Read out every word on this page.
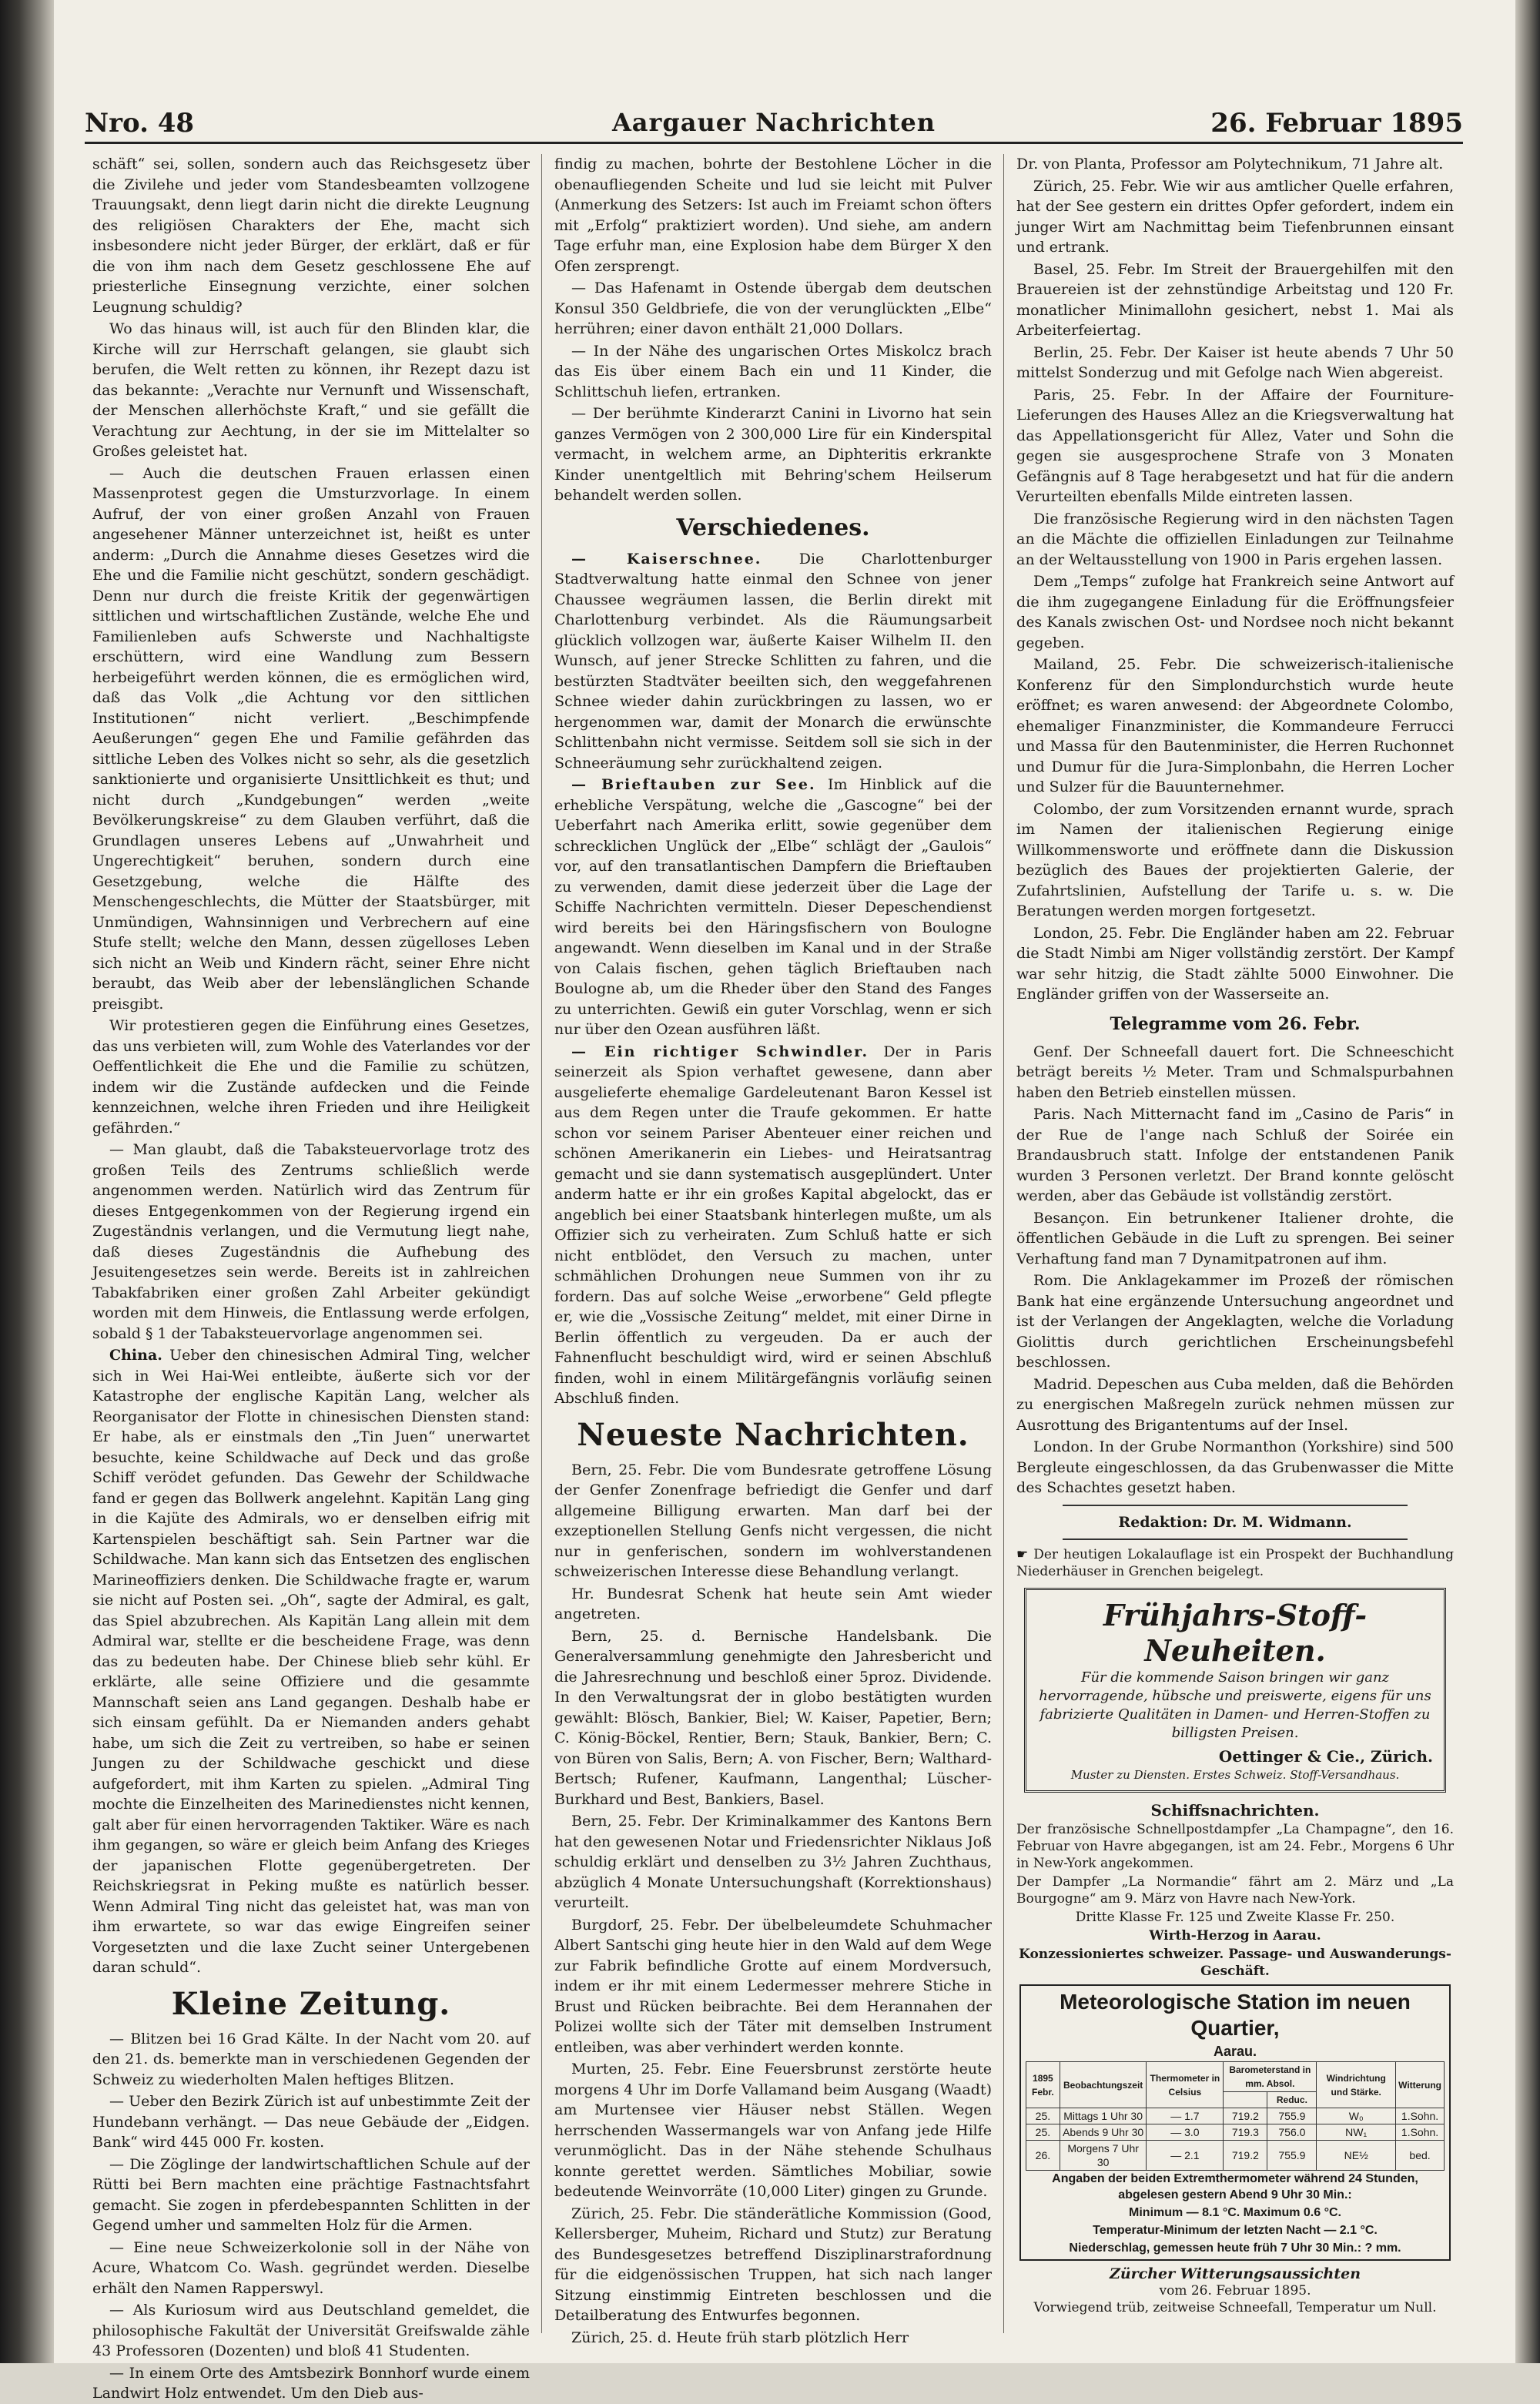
Aargauer Nachrichten
Nro. 48	26. Februar 1895

schäft“ sei, sollen, sondern auch das Reichsgesetz über die Zivilehe und jeder vom Standesbeamten vollzogene Trauungsakt, denn liegt darin nicht die direkte Leugnung des religiösen Charakters der Ehe, macht sich insbesondere nicht jeder Bürger, der erklärt, daß er für die von ihm nach dem Gesetz geschlossene Ehe auf priesterliche Einsegnung verzichte, einer solchen Leugnung schuldig?

Wo das hinaus will, ist auch für den Blinden klar, die Kirche will zur Herrschaft gelangen, sie glaubt sich berufen, die Welt retten zu können, ihr Rezept dazu ist das bekannte: „Verachte nur Vernunft und Wissenschaft, der Menschen allerhöchste Kraft,“ und sie gefällt die Verachtung zur Aechtung, in der sie im Mittelalter so Großes geleistet hat.

— Auch die deutschen Frauen erlassen einen Massenprotest gegen die Umsturzvorlage. In einem Aufruf, der von einer großen Anzahl von Frauen angesehener Männer unterzeichnet ist, heißt es unter anderm: „Durch die Annahme dieses Gesetzes wird die Ehe und die Familie nicht geschützt, sondern geschädigt. Denn nur durch die freiste Kritik der gegenwärtigen sittlichen und wirtschaftlichen Zustände, welche Ehe und Familienleben aufs Schwerste und Nachhaltigste erschüttern, wird eine Wandlung zum Bessern herbeigeführt werden können, die es ermöglichen wird, daß das Volk „die Achtung vor den sittlichen Institutionen“ nicht verliert. „Beschimpfende Aeußerungen“ gegen Ehe und Familie gefährden das sittliche Leben des Volkes nicht so sehr, als die gesetzlich sanktionierte und organisierte Unsittlichkeit es thut; und nicht durch „Kundgebungen“ werden „weite Bevölkerungskreise“ zu dem Glauben verführt, daß die Grundlagen unseres Lebens auf „Unwahrheit und Ungerechtigkeit“ beruhen, sondern durch eine Gesetzgebung, welche die Hälfte des Menschengeschlechts, die Mütter der Staatsbürger, mit Unmündigen, Wahnsinnigen und Verbrechern auf eine Stufe stellt; welche den Mann, dessen zügelloses Leben sich nicht an Weib und Kindern rächt, seiner Ehre nicht beraubt, das Weib aber der lebenslänglichen Schande preisgibt.

Wir protestieren gegen die Einführung eines Gesetzes, das uns verbieten will, zum Wohle des Vaterlandes vor der Oeffentlichkeit die Ehe und die Familie zu schützen, indem wir die Zustände aufdecken und die Feinde kennzeichnen, welche ihren Frieden und ihre Heiligkeit gefährden.“

— Man glaubt, daß die Tabaksteuervorlage trotz des großen Teils des Zentrums schließlich werde angenommen werden. Natürlich wird das Zentrum für dieses Entgegenkommen von der Regierung irgend ein Zugeständnis verlangen, und die Vermutung liegt nahe, daß dieses Zugeständnis die Aufhebung des Jesuitengesetzes sein werde. Bereits ist in zahlreichen Tabakfabriken einer großen Zahl Arbeiter gekündigt worden mit dem Hinweis, die Entlassung werde erfolgen, sobald § 1 der Tabaksteuervorlage angenommen sei.

China. Ueber den chinesischen Admiral Ting, welcher sich in Wei Hai-Wei entleibte, äußerte sich vor der Katastrophe der englische Kapitän Lang, welcher als Reorganisator der Flotte in chinesischen Diensten stand: Er habe, als er einstmals den „Tin Juen“ unerwartet besuchte, keine Schildwache auf Deck und das große Schiff verödet gefunden. Das Gewehr der Schildwache fand er gegen das Bollwerk angelehnt. Kapitän Lang ging in die Kajüte des Admirals, wo er denselben eifrig mit Kartenspielen beschäftigt sah. Sein Partner war die Schildwache. Man kann sich das Entsetzen des englischen Marineoffiziers denken. Die Schildwache fragte er, warum sie nicht auf Posten sei. „Oh“, sagte der Admiral, es galt, das Spiel abzubrechen. Als Kapitän Lang allein mit dem Admiral war, stellte er die bescheidene Frage, was denn das zu bedeuten habe. Der Chinese blieb sehr kühl. Er erklärte, alle seine Offiziere und die gesammte Mannschaft seien ans Land gegangen. Deshalb habe er sich einsam gefühlt. Da er Niemanden anders gehabt habe, um sich die Zeit zu vertreiben, so habe er seinen Jungen zu der Schildwache geschickt und diese aufgefordert, mit ihm Karten zu spielen. „Admiral Ting mochte die Einzelheiten des Marinedienstes nicht kennen, galt aber für einen hervorragenden Taktiker. Wäre es nach ihm gegangen, so wäre er gleich beim Anfang des Krieges der japanischen Flotte gegenübergetreten. Der Reichskriegsrat in Peking mußte es natürlich besser. Wenn Admiral Ting nicht das geleistet hat, was man von ihm erwartete, so war das ewige Eingreifen seiner Vorgesetzten und die laxe Zucht seiner Untergebenen daran schuld“.

Kleine Zeitung.

— Blitzen bei 16 Grad Kälte. In der Nacht vom 20. auf den 21. ds. bemerkte man in verschiedenen Gegenden der Schweiz zu wiederholten Malen heftiges Blitzen.

— Ueber den Bezirk Zürich ist auf unbestimmte Zeit der Hundebann verhängt. — Das neue Gebäude der „Eidgen. Bank“ wird 445 000 Fr. kosten.

— Die Zöglinge der landwirtschaftlichen Schule auf der Rütti bei Bern machten eine prächtige Fastnachtsfahrt gemacht. Sie zogen in pferdebespannten Schlitten in der Gegend umher und sammelten Holz für die Armen.

— Eine neue Schweizerkolonie soll in der Nähe von Acure, Whatcom Co. Wash. gegründet werden. Dieselbe erhält den Namen Rapperswyl.

— Als Kuriosum wird aus Deutschland gemeldet, die philosophische Fakultät der Universität Greifswalde zähle 43 Professoren (Dozenten) und bloß 41 Studenten.

— In einem Orte des Amtsbezirk Bonnhorf wurde einem Landwirt Holz entwendet. Um den Dieb aus-

findig zu machen, bohrte der Bestohlene Löcher in die obenaufliegenden Scheite und lud sie leicht mit Pulver (Anmerkung des Setzers: Ist auch im Freiamt schon öfters mit „Erfolg“ praktiziert worden). Und siehe, am andern Tage erfuhr man, eine Explosion habe dem Bürger X den Ofen zersprengt.

— Das Hafenamt in Ostende übergab dem deutschen Konsul 350 Geldbriefe, die von der verunglückten „Elbe“ herrühren; einer davon enthält 21,000 Dollars.

— In der Nähe des ungarischen Ortes Miskolcz brach das Eis über einem Bach ein und 11 Kinder, die Schlittschuh liefen, ertranken.

— Der berühmte Kinderarzt Canini in Livorno hat sein ganzes Vermögen von 2 300,000 Lire für ein Kinderspital vermacht, in welchem arme, an Diphteritis erkrankte Kinder unentgeltlich mit Behring'schem Heilserum behandelt werden sollen.

Verschiedenes.

— Kaiserschnee.	Die Charlottenburger Stadtverwaltung hatte einmal den Schnee von jener Chaussee wegräumen lassen, die Berlin direkt mit Charlottenburg verbindet. Als die Räumungsarbeit glücklich vollzogen war, äußerte Kaiser Wilhelm II. den Wunsch, auf jener Strecke Schlitten zu fahren, und die bestürzten Stadtväter beeilten sich, den weggefahrenen Schnee wieder dahin zurückbringen zu lassen, wo er hergenommen war, damit der Monarch die erwünschte Schlittenbahn nicht vermisse. Seitdem soll sie sich in der Schneeräumung sehr zurückhaltend zeigen.

— Brieftauben zur See. Im Hinblick auf die erhebliche Verspätung, welche die „Gascogne“ bei der Ueberfahrt nach Amerika erlitt, sowie gegenüber dem schrecklichen Unglück der „Elbe“ schlägt der „Gaulois“ vor, auf den transatlantischen Dampfern die Brieftauben zu verwenden, damit diese jederzeit über die Lage der Schiffe Nachrichten vermitteln. Dieser Depeschendienst wird bereits bei den Häringsfischern von Boulogne angewandt. Wenn dieselben im Kanal und in der Straße von Calais fischen, gehen täglich Brieftauben nach Boulogne ab, um die Rheder über den Stand des Fanges zu unterrichten. Gewiß ein guter Vorschlag, wenn er sich nur über den Ozean ausführen läßt.

— Ein richtiger Schwindler. Der in Paris seinerzeit als Spion verhaftet gewesene, dann aber ausgelieferte ehemalige Gardeleutenant Baron Kessel ist aus dem Regen unter die Traufe gekommen. Er hatte schon vor seinem Pariser Abenteuer einer reichen und schönen Amerikanerin ein Liebes- und Heiratsantrag gemacht und sie dann systematisch ausgeplündert. Unter anderm hatte er ihr ein großes Kapital abgelockt, das er angeblich bei einer Staatsbank hinterlegen mußte, um als Offizier sich zu verheiraten. Zum Schluß hatte er sich nicht entblödet, den Versuch zu machen, unter schmählichen Drohungen neue Summen von ihr zu fordern. Das auf solche Weise „erworbene“ Geld pflegte er, wie die „Vossische Zeitung“ meldet, mit einer Dirne in Berlin öffentlich zu vergeuden. Da er auch der Fahnenflucht beschuldigt wird, wird er seinen Abschluß finden, wohl in einem Militärgefängnis vorläufig seinen Abschluß finden.

Neueste Nachrichten.

Bern, 25. Febr. Die vom Bundesrate getroffene Lösung der Genfer Zonenfrage befriedigt die Genfer und darf allgemeine Billigung erwarten. Man darf bei der exzeptionellen Stellung Genfs nicht vergessen, die nicht nur in genferischen, sondern im wohlverstandenen schweizerischen Interesse diese Behandlung verlangt.

Hr. Bundesrat Schenk hat heute sein Amt wieder angetreten.

Bern, 25. d. Bernische Handelsbank. Die Generalversammlung genehmigte den Jahresbericht und die Jahresrechnung und beschloß einer 5proz. Dividende. In den Verwaltungsrat der in globo bestätigten wurden gewählt: Blösch, Bankier, Biel; W. Kaiser, Papetier, Bern; C. König-Böckel, Rentier, Bern; Stauk, Bankier, Bern; C. von Büren von Salis, Bern; A. von Fischer, Bern; Walthard-Bertsch; Rufener, Kaufmann, Langenthal; Lüscher-Burkhard und Best, Bankiers, Basel.

Bern, 25. Febr. Der Kriminalkammer des Kantons Bern hat den gewesenen Notar und Friedensrichter Niklaus Joß schuldig erklärt und denselben zu 3½ Jahren Zuchthaus, abzüglich 4 Monate Untersuchungshaft (Korrektionshaus) verurteilt.

Burgdorf, 25. Febr. Der übelbeleumdete Schuhmacher Albert Santschi ging heute hier in den Wald auf dem Wege zur Fabrik befindliche Grotte auf einem Mordversuch, indem er ihr mit einem Ledermesser mehrere Stiche in Brust und Rücken beibrachte. Bei dem Herannahen der Polizei wollte sich der Täter mit demselben Instrument entleiben, was aber verhindert werden konnte.

Murten, 25. Febr. Eine Feuersbrunst zerstörte heute morgens 4 Uhr im Dorfe Vallamand beim Ausgang (Waadt) am Murtensee vier Häuser nebst Ställen. Wegen herrschenden Wassermangels war von Anfang jede Hilfe verunmöglicht. Das in der Nähe stehende Schulhaus konnte gerettet werden. Sämtliches Mobiliar, sowie bedeutende Weinvorräte (10,000 Liter) gingen zu Grunde.

Zürich, 25. Febr. Die ständerätliche Kommission (Good, Kellersberger, Muheim, Richard und Stutz) zur Beratung des Bundesgesetzes betreffend Disziplinarstrafordnung für die eidgenössischen Truppen, hat sich nach langer Sitzung einstimmig Eintreten beschlossen und die Detailberatung des Entwurfes begonnen.

Zürich, 25. d. Heute früh starb plötzlich Herr

Dr. von Planta, Professor am Polytechnikum, 71 Jahre alt.

Zürich, 25. Febr. Wie wir aus amtlicher Quelle erfahren, hat der See gestern ein drittes Opfer gefordert, indem ein junger Wirt am Nachmittag beim Tiefenbrunnen einsant und ertrank.

Basel, 25. Febr. Im Streit der Brauergehilfen mit den Brauereien ist der zehnstündige Arbeitstag und 120 Fr. monatlicher Minimallohn gesichert, nebst 1. Mai als Arbeiterfeiertag.

Berlin, 25. Febr. Der Kaiser ist heute abends 7 Uhr 50 mittelst Sonderzug und mit Gefolge nach Wien abgereist.

Paris, 25. Febr. In der Affaire der Fourniture-Lieferungen des Hauses Allez an die Kriegsverwaltung hat das Appellationsgericht für Allez, Vater und Sohn die gegen sie ausgesprochene Strafe von 3 Monaten Gefängnis auf 8 Tage herabgesetzt und hat für die andern Verurteilten ebenfalls Milde eintreten lassen.

Die französische Regierung wird in den nächsten Tagen an die Mächte die offiziellen Einladungen zur Teilnahme an der Weltausstellung von 1900 in Paris ergehen lassen.

Dem „Temps“ zufolge hat Frankreich seine Antwort auf die ihm zugegangene Einladung für die Eröffnungsfeier des Kanals zwischen Ost- und Nordsee noch nicht bekannt gegeben.

Mailand, 25. Febr. Die schweizerisch-italienische Konferenz für den Simplondurchstich wurde heute eröffnet; es waren anwesend: der Abgeordnete Colombo, ehemaliger Finanzminister, die Kommandeure Ferrucci und Massa für den Bautenminister, die Herren Ruchonnet und Dumur für die Jura-Simplonbahn, die Herren Locher und Sulzer für die Bauunternehmer.

Colombo, der zum Vorsitzenden ernannt wurde, sprach im Namen der italienischen Regierung einige Willkommensworte und eröffnete dann die Diskussion bezüglich des Baues der projektierten Galerie, der Zufahrtslinien, Aufstellung der Tarife u. s. w. Die Beratungen werden morgen fortgesetzt.

London, 25. Febr. Die Engländer haben am 22. Februar die Stadt Nimbi am Niger vollständig zerstört. Der Kampf war sehr hitzig, die Stadt zählte 5000 Einwohner. Die Engländer griffen von der Wasserseite an.

Telegramme vom 26. Febr.

Genf. Der Schneefall dauert fort. Die Schneeschicht beträgt bereits ½ Meter. Tram und Schmalspurbahnen haben den Betrieb einstellen müssen.

Paris. Nach Mitternacht fand im „Casino de Paris“ in der Rue de l'ange nach Schluß der Soirée ein Brandausbruch statt. Infolge der entstandenen Panik wurden 3 Personen verletzt. Der Brand konnte gelöscht werden, aber das Gebäude ist vollständig zerstört.

Besançon. Ein betrunkener Italiener drohte, die öffentlichen Gebäude in die Luft zu sprengen. Bei seiner Verhaftung fand man 7 Dynamitpatronen auf ihm.

Rom. Die Anklagekammer im Prozeß der römischen Bank hat eine ergänzende Untersuchung angeordnet und ist der Verlangen der Angeklagten, welche die Vorladung Giolittis durch gerichtlichen Erscheinungsbefehl beschlossen.

Madrid. Depeschen aus Cuba melden, daß die Behörden zu energischen Maßregeln zurück nehmen müssen zur Ausrottung des Brigantentums auf der Insel.

London. In der Grube Normanthon (Yorkshire) sind 500 Bergleute eingeschlossen, da das Grubenwasser die Mitte des Schachtes gesetzt haben.

Redaktion: Dr. M. Widmann.

☛ Der heutigen Lokalauflage ist ein Prospekt der Buchhandlung Niederhäuser in Grenchen beigelegt.

Frühjahrs-Stoff-Neuheiten.
Für die kommende Saison bringen wir ganz hervorragende, hübsche und preiswerte, eigens für uns fabrizierte Qualitäten in Damen- und Herren-Stoffen zu billigsten Preisen.
Oettinger & Cie., Zürich.
Muster zu Diensten. Erstes Schweiz. Stoff-Versandhaus.
Schiffsnachrichten.

Der französische Schnellpostdampfer „La Champagne“, den 16. Februar von Havre abgegangen, ist am 24. Febr., Morgens 6 Uhr in New-York angekommen.

Der Dampfer „La Normandie“ fährt am 2. März und „La Bourgogne“ am 9. März von Havre nach New-York.

Dritte Klasse Fr. 125 und Zweite Klasse Fr. 250.

Wirth-Herzog in Aarau.

Konzessioniertes schweizer. Passage- und Auswanderungs-Geschäft.

Meteorologische Station im neuen Quartier,
Aarau.
1895 Febr.	Beobachtungszeit	Thermometer in Celsius	Barometerstand in mm. Absol.		Windrichtung und Stärke.	Witterung
				Reduc.		
25.	Mittags 1 Uhr 30	— 1.7	719.2	755.9	W₀	1.Sohn.
25.	Abends 9 Uhr 30	— 3.0	719.3	756.0	NW₁	1.Sohn.
26.	Morgens 7 Uhr 30	— 2.1	719.2	755.9	NE½	bed.

Angaben der beiden Extremthermometer während 24 Stunden, abgelesen gestern Abend 9 Uhr 30 Min.:

Minimum — 8.1 °C. Maximum 0.6 °C.

Temperatur-Minimum der letzten Nacht — 2.1 °C.

Niederschlag, gemessen heute früh 7 Uhr 30 Min.: ? mm.

Zürcher Witterungsaussichten
vom 26. Februar 1895.
Vorwiegend trüb, zeitweise Schneefall, Temperatur um Null.
